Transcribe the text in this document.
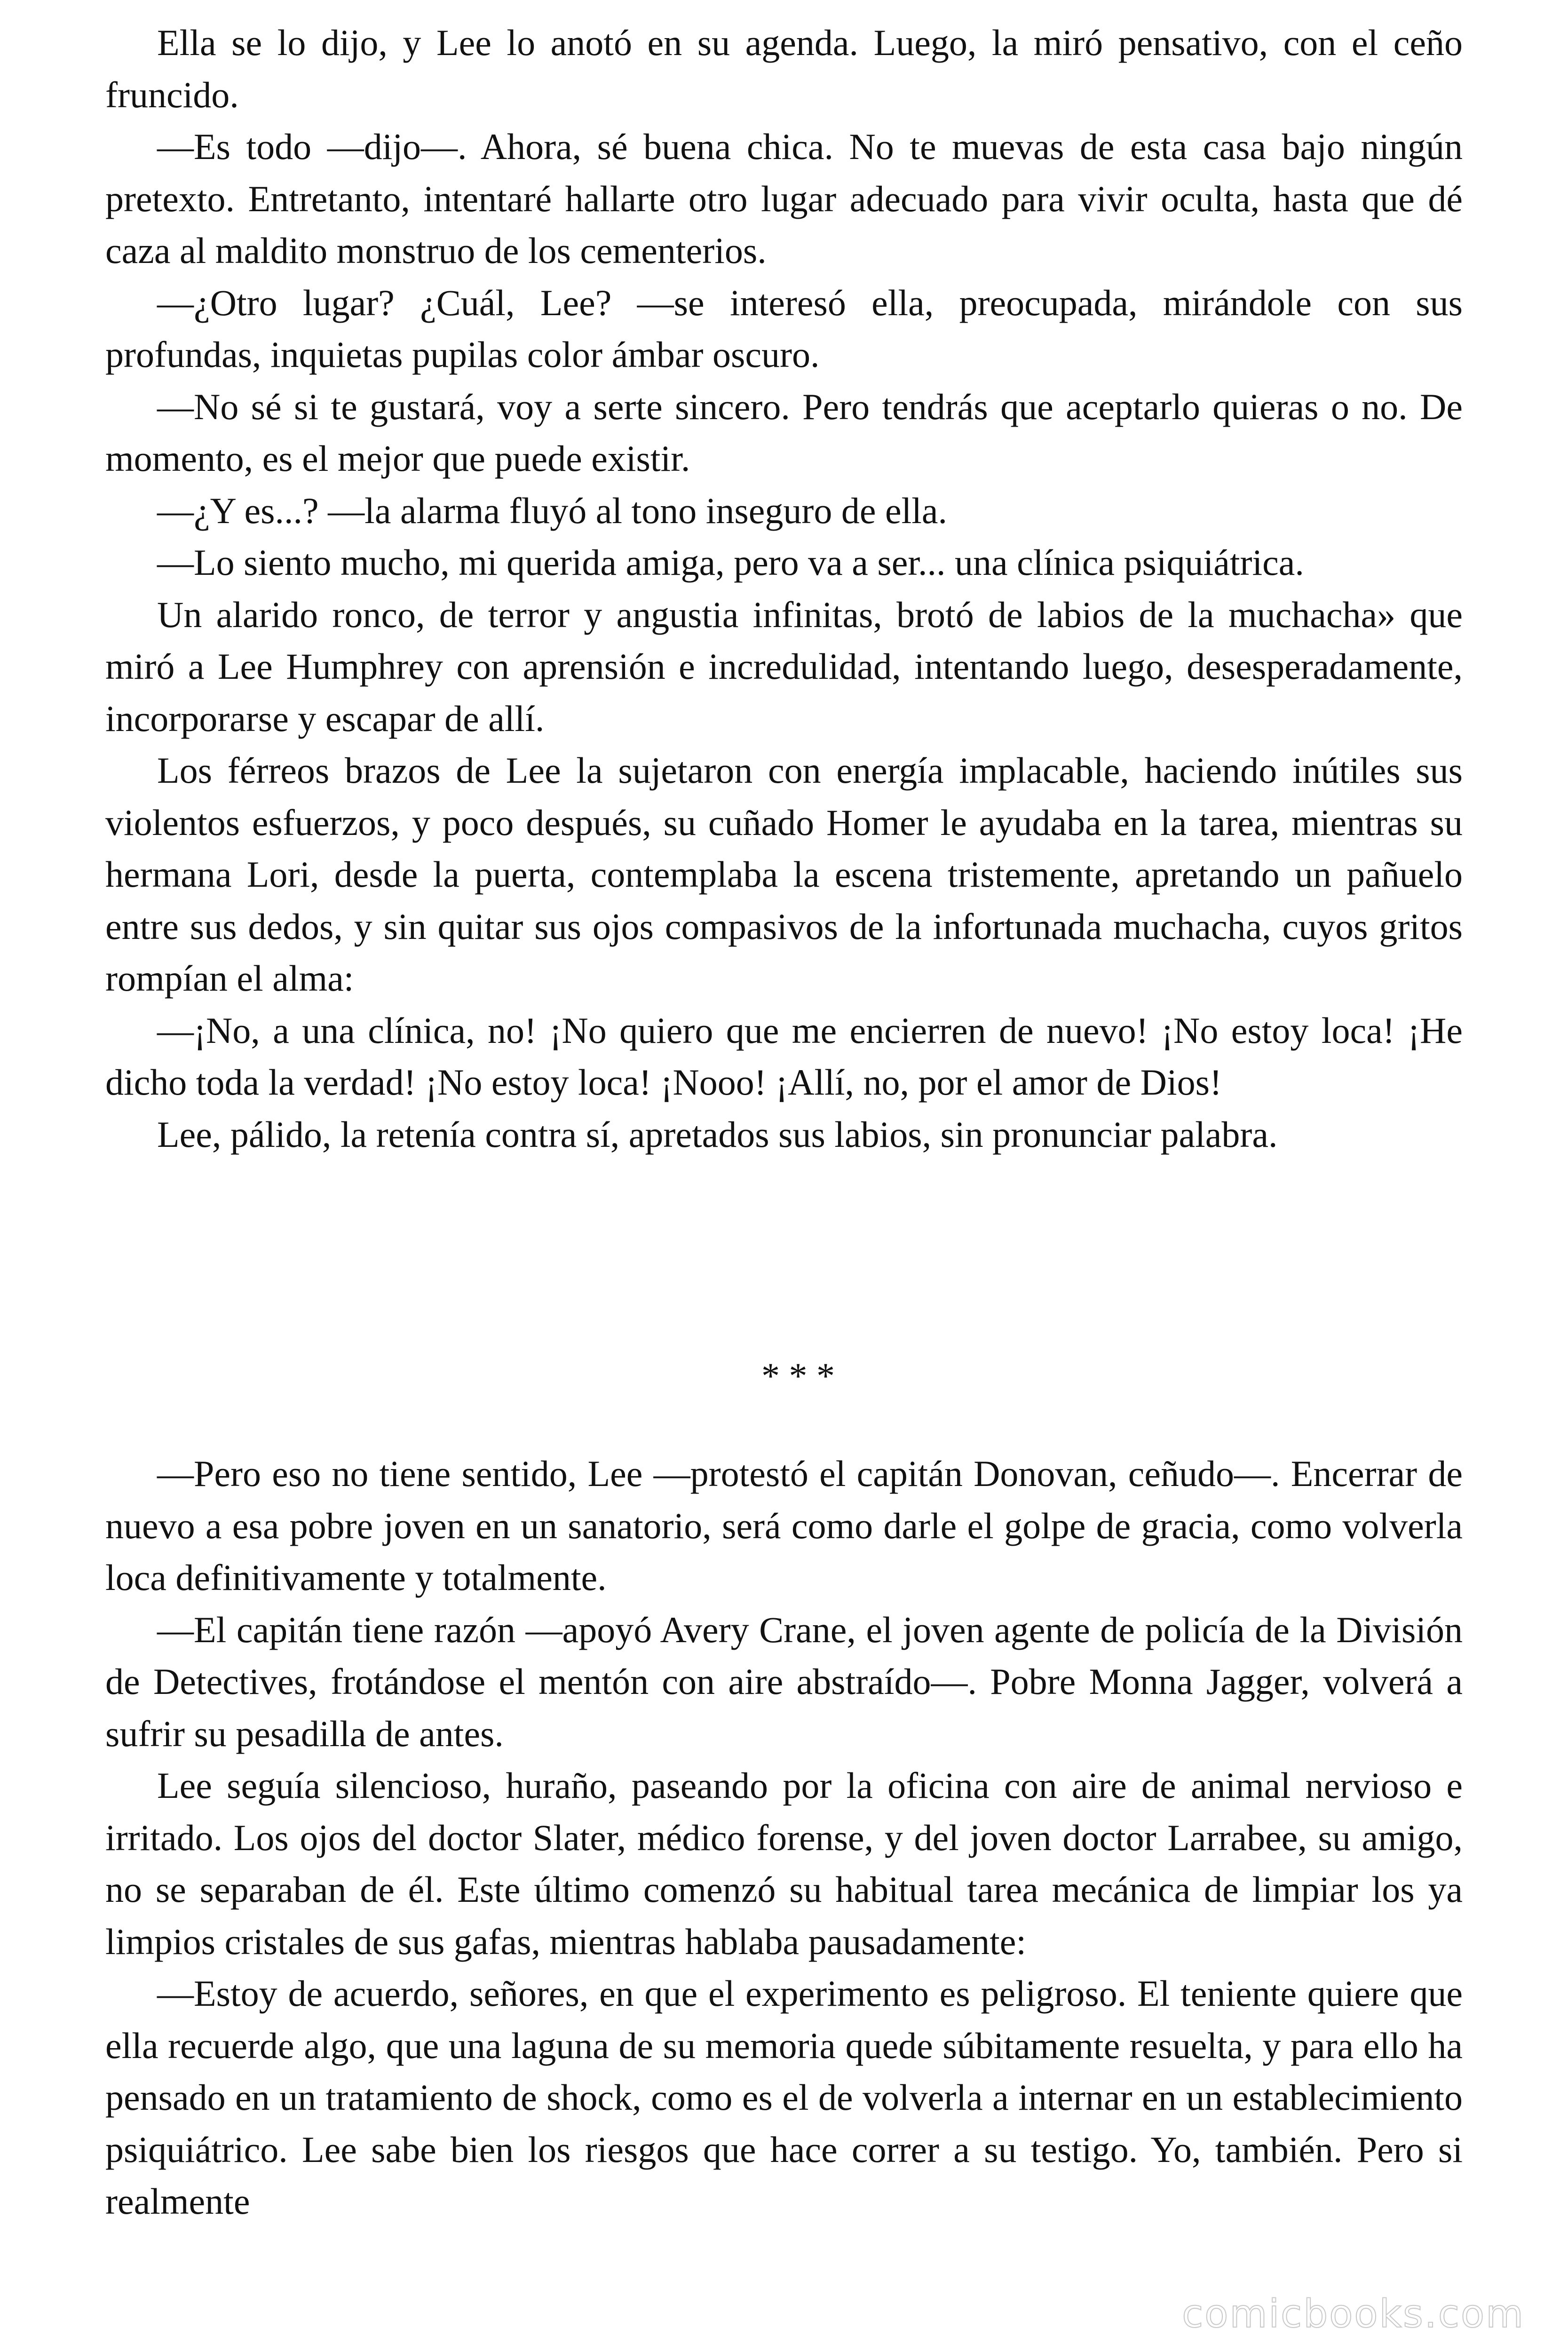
Ella se lo dijo, y Lee lo anotó en su agenda. Luego, la miró pensativo, con el ceño fruncido.

—Es todo —dijo—. Ahora, sé buena chica. No te muevas de esta casa bajo ningún pretexto. Entretanto, intentaré hallarte otro lugar adecuado para vivir oculta, hasta que dé caza al maldito monstruo de los cementerios.

—¿Otro lugar? ¿Cuál, Lee? —se interesó ella, preocupada, mirándole con sus profundas, inquietas pupilas color ámbar oscuro.

—No sé si te gustará, voy a serte sincero. Pero tendrás que aceptarlo quieras o no. De momento, es el mejor que puede existir.

—¿Y es...? —la alarma fluyó al tono inseguro de ella.

—Lo siento mucho, mi querida amiga, pero va a ser... una clínica psiquiátrica.

Un alarido ronco, de terror y angustia infinitas, brotó de labios de la muchacha» que miró a Lee Humphrey con aprensión e incredulidad, intentando luego, desesperadamente, incorporarse y escapar de allí.

Los férreos brazos de Lee la sujetaron con energía implacable, haciendo inútiles sus violentos esfuerzos, y poco después, su cuñado Homer le ayudaba en la tarea, mientras su hermana Lori, desde la puerta, contemplaba la escena tristemente, apretando un pañuelo entre sus dedos, y sin quitar sus ojos compasivos de la infortunada muchacha, cuyos gritos rompían el alma:

—¡No, a una clínica, no! ¡No quiero que me encierren de nuevo! ¡No estoy loca! ¡He dicho toda la verdad! ¡No estoy loca! ¡Nooo! ¡Allí, no, por el amor de Dios!

Lee, pálido, la retenía contra sí, apretados sus labios, sin pronunciar palabra.

* * *

—Pero eso no tiene sentido, Lee —protestó el capitán Donovan, ceñudo—. Encerrar de nuevo a esa pobre joven en un sanatorio, será como darle el golpe de gracia, como volverla loca definitivamente y totalmente.

—El capitán tiene razón —apoyó Avery Crane, el joven agente de policía de la División de Detectives, frotándose el mentón con aire abstraído—. Pobre Monna Jagger, volverá a sufrir su pesadilla de antes.

Lee seguía silencioso, huraño, paseando por la oficina con aire de animal nervioso e irritado. Los ojos del doctor Slater, médico forense, y del joven doctor Larrabee, su amigo, no se separaban de él. Este último comenzó su habitual tarea mecánica de limpiar los ya limpios cristales de sus gafas, mientras hablaba pausadamente:

—Estoy de acuerdo, señores, en que el experimento es peligroso. El teniente quiere que ella recuerde algo, que una laguna de su memoria quede súbitamente resuelta, y para ello ha pensado en un tratamiento de shock, como es el de volverla a internar en un establecimiento psiquiátrico. Lee sabe bien los riesgos que hace correr a su testigo. Yo, también. Pero si realmente

comicbooks.com
